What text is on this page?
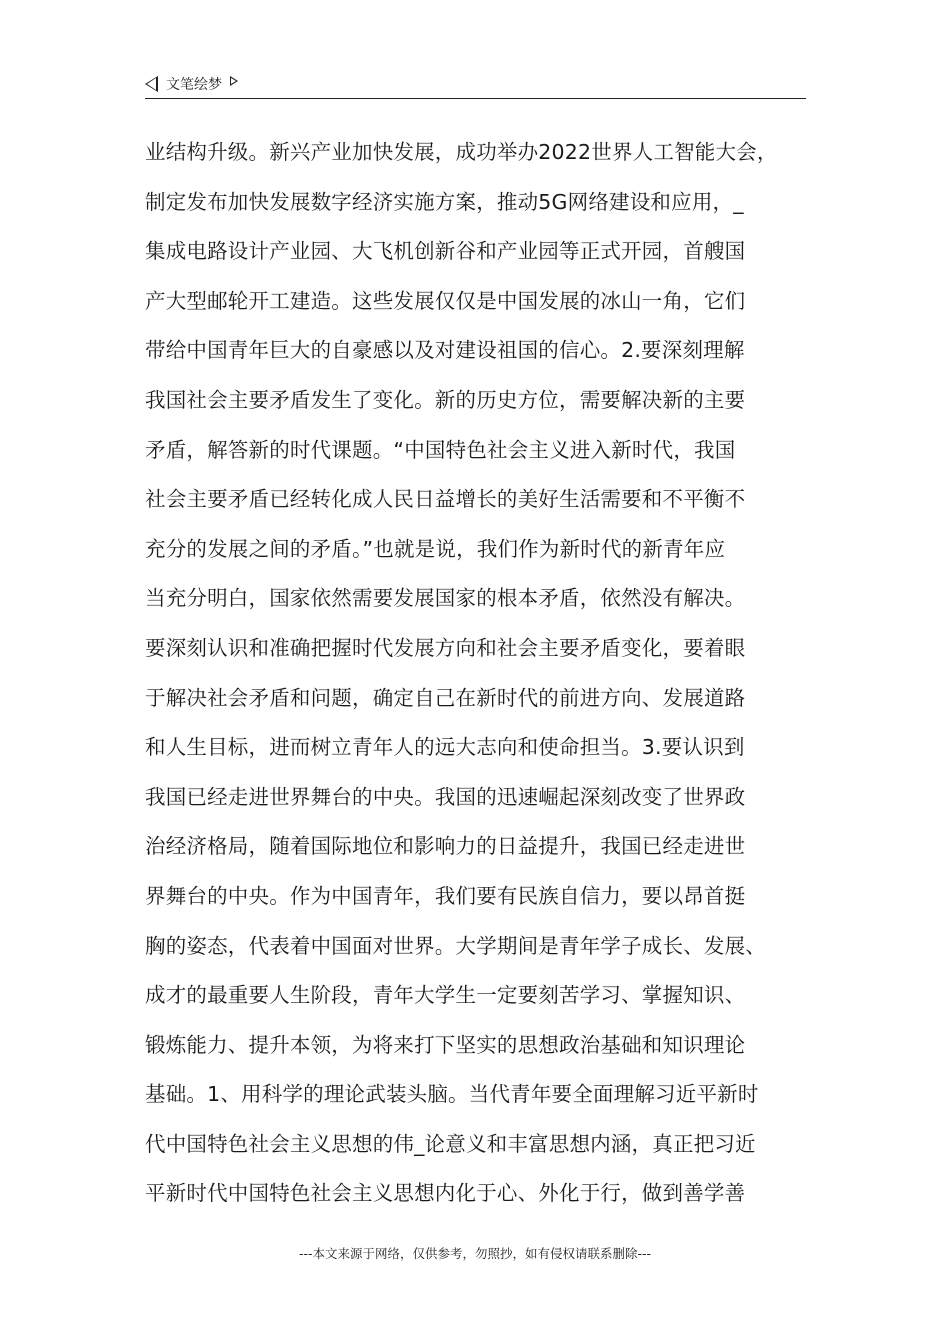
文笔绘梦
业结构升级。新兴产业加快发展，成功举办2022世界人工智能大会，
制定发布加快发展数字经济实施方案，推动5G网络建设和应用，_
集成电路设计产业园、大飞机创新谷和产业园等正式开园，首艘国
产大型邮轮开工建造。这些发展仅仅是中国发展的冰山一角，它们
带给中国青年巨大的自豪感以及对建设祖国的信心。2.要深刻理解
我国社会主要矛盾发生了变化。新的历史方位，需要解决新的主要
矛盾，解答新的时代课题。“中国特色社会主义进入新时代，我国
社会主要矛盾已经转化成人民日益增长的美好生活需要和不平衡不
充分的发展之间的矛盾。”也就是说，我们作为新时代的新青年应
当充分明白，国家依然需要发展国家的根本矛盾，依然没有解决。
要深刻认识和准确把握时代发展方向和社会主要矛盾变化，要着眼
于解决社会矛盾和问题，确定自己在新时代的前进方向、发展道路
和人生目标，进而树立青年人的远大志向和使命担当。3.要认识到
我国已经走进世界舞台的中央。我国的迅速崛起深刻改变了世界政
治经济格局，随着国际地位和影响力的日益提升，我国已经走进世
界舞台的中央。作为中国青年，我们要有民族自信力，要以昂首挺
胸的姿态，代表着中国面对世界。大学期间是青年学子成长、发展、
成才的最重要人生阶段，青年大学生一定要刻苦学习、掌握知识、
锻炼能力、提升本领，为将来打下坚实的思想政治基础和知识理论
基础。1、用科学的理论武装头脑。当代青年要全面理解习近平新时
代中国特色社会主义思想的伟_论意义和丰富思想内涵，真正把习近
平新时代中国特色社会主义思想内化于心、外化于行，做到善学善
---本文来源于网络，仅供参考，勿照抄，如有侵权请联系删除---
